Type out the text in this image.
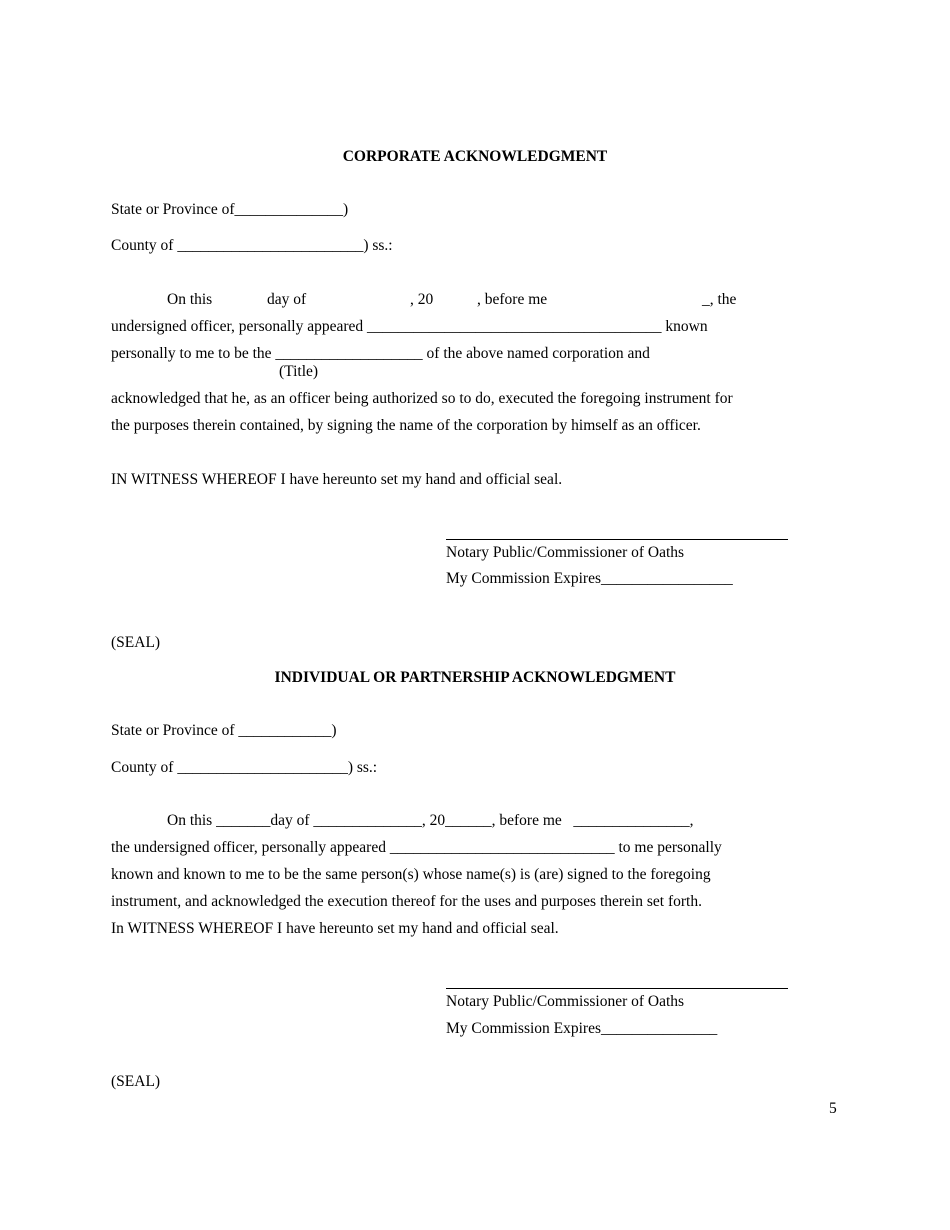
CORPORATE ACKNOWLEDGMENT
State or Province of______________)
County of ________________________) ss.:
On this	day of	, 20	, before me	_, the
undersigned officer, personally appeared ______________________________________ known
personally to me to be the ___________________ of the above named corporation and
(Title)
acknowledged that he, as an officer being authorized so to do, executed the foregoing instrument for
the purposes therein contained, by signing the name of the corporation by himself as an officer.
IN WITNESS WHEREOF I have hereunto set my hand and official seal.
Notary Public/Commissioner of Oaths
My Commission Expires_________________
(SEAL)
INDIVIDUAL OR PARTNERSHIP ACKNOWLEDGMENT
State or Province of ____________)
County of ______________________) ss.:
On this _______day of ______________, 20______, before me   _______________,
the undersigned officer, personally appeared _____________________________ to me personally
known and known to me to be the same person(s) whose name(s) is (are) signed to the foregoing
instrument, and acknowledged the execution thereof for the uses and purposes therein set forth.
In WITNESS WHEREOF I have hereunto set my hand and official seal.
Notary Public/Commissioner of Oaths
My Commission Expires_______________
(SEAL)
5
